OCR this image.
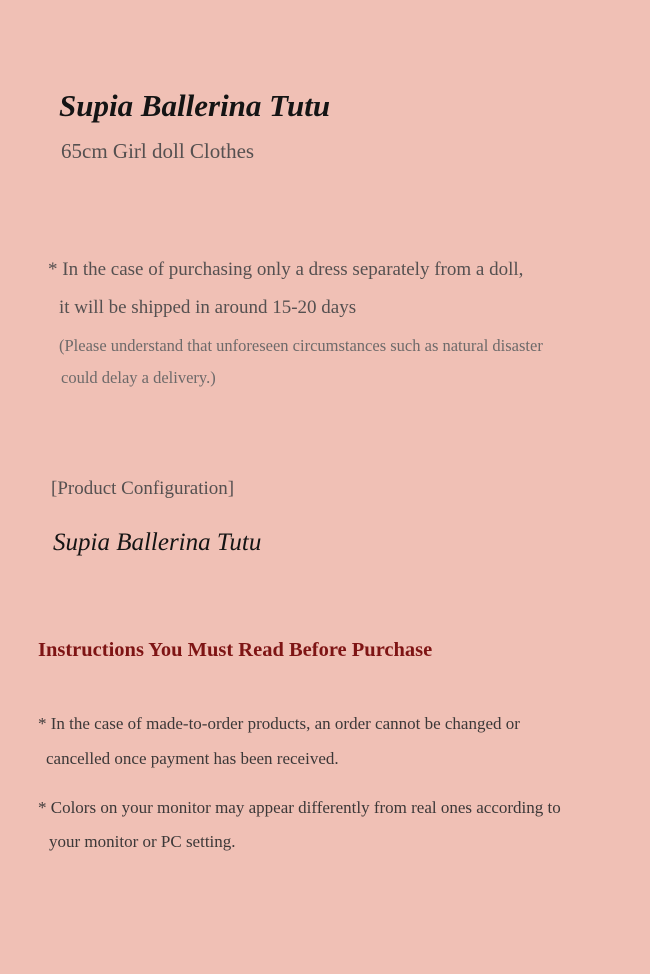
Supia Ballerina Tutu
65cm Girl doll Clothes
* In the case of purchasing only a dress separately from a doll,
it will be shipped in around 15-20 days
(Please understand that unforeseen circumstances such as natural disaster
could delay a delivery.)
[Product Configuration]
Supia Ballerina Tutu
Instructions You Must Read Before Purchase
* In the case of made-to-order products, an order cannot be changed or
cancelled once payment has been received.
* Colors on your monitor may appear differently from real ones according to
your monitor or PC setting.
